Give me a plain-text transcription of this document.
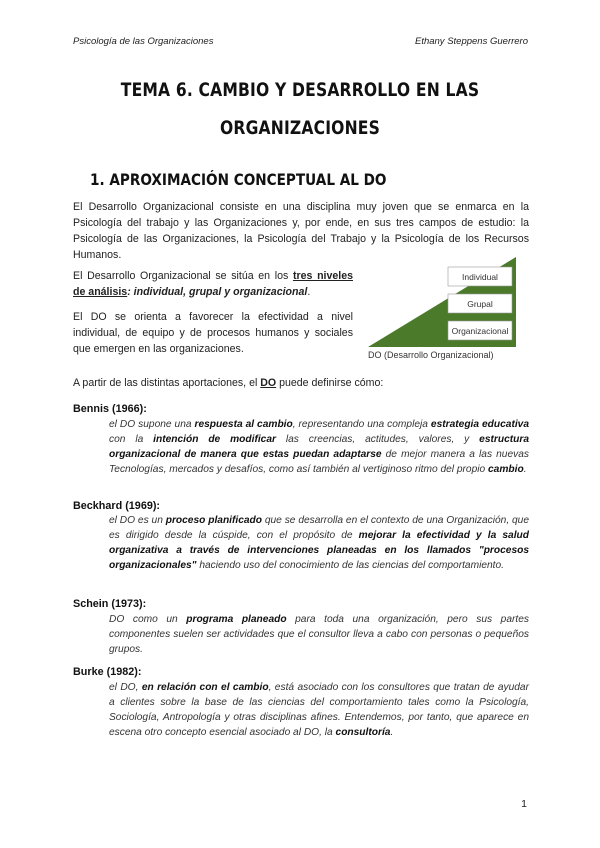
Psicología de las Organizaciones	Ethany Steppens Guerrero
TEMA 6. CAMBIO Y DESARROLLO EN LAS
ORGANIZACIONES
1. APROXIMACIÓN CONCEPTUAL AL DO
El Desarrollo Organizacional consiste en una disciplina muy joven que se enmarca en la Psicología del trabajo y las Organizaciones y, por ende, en sus tres campos de estudio: la Psicología de las Organizaciones, la Psicología del Trabajo y la Psicología de los Recursos Humanos.
El Desarrollo Organizacional se sitúa en los tres niveles de análisis: individual, grupal y organizacional.
El DO se orienta a favorecer la efectividad a nivel individual, de equipo y de procesos humanos y sociales que emergen en las organizaciones.
Individual
Grupal
Organizacional
DO (Desarrollo Organizacional)
A partir de las distintas aportaciones, el DO puede definirse cómo:
Bennis (1966):
el DO supone una respuesta al cambio, representando una compleja estrategia educativa con la intención de modificar las creencias, actitudes, valores, y estructura organizacional de manera que estas puedan adaptarse de mejor manera a las nuevas Tecnologías, mercados y desafíos, como así también al vertiginoso ritmo del propio cambio.
Beckhard (1969):
el DO es un proceso planificado que se desarrolla en el contexto de una Organización, que es dirigido desde la cúspide, con el propósito de mejorar la efectividad y la salud organizativa a través de intervenciones planeadas en los llamados "procesos organizacionales" haciendo uso del conocimiento de las ciencias del comportamiento.
Schein (1973):
DO como un programa planeado para toda una organización, pero sus partes componentes suelen ser actividades que el consultor lleva a cabo con personas o pequeños grupos.
Burke (1982):
el DO, en relación con el cambio, está asociado con los consultores que tratan de ayudar a clientes sobre la base de las ciencias del comportamiento tales como la Psicología, Sociología, Antropología y otras disciplinas afines. Entendemos, por tanto, que aparece en escena otro concepto esencial asociado al DO, la consultoría.
1
